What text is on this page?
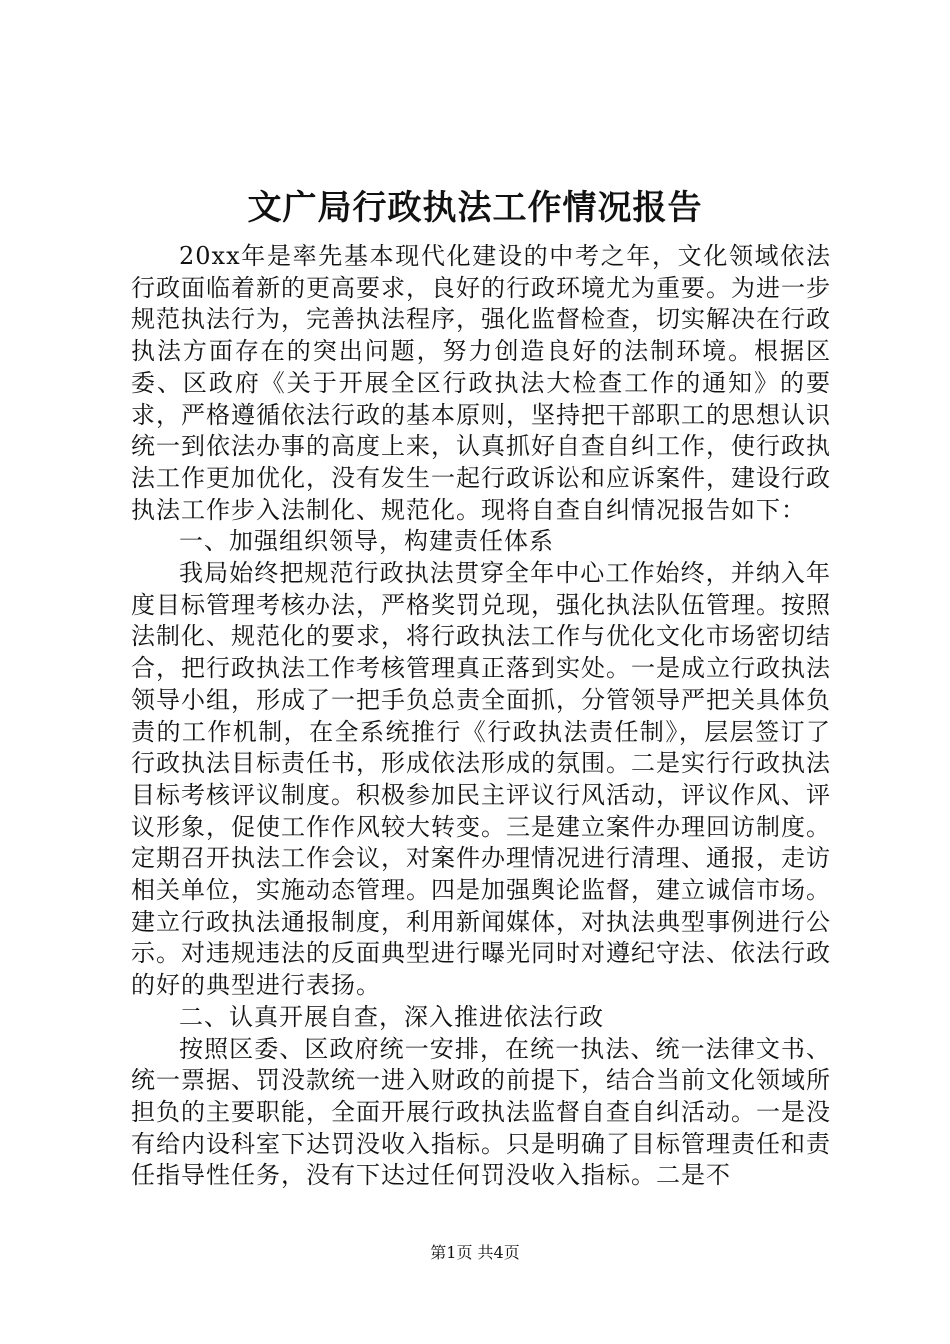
文广局行政执法工作情况报告

20xx年是率先基本现代化建设的中考之年，文化领域依法行政面临着新的更高要求，良好的行政环境尤为重要。为进一步规范执法行为，完善执法程序，强化监督检查，切实解决在行政执法方面存在的突出问题，努力创造良好的法制环境。根据区委、区政府《关于开展全区行政执法大检查工作的通知》的要求，严格遵循依法行政的基本原则，坚持把干部职工的思想认识统一到依法办事的高度上来，认真抓好自查自纠工作，使行政执法工作更加优化，没有发生一起行政诉讼和应诉案件，建设行政执法工作步入法制化、规范化。现将自查自纠情况报告如下：

一、加强组织领导，构建责任体系

我局始终把规范行政执法贯穿全年中心工作始终，并纳入年度目标管理考核办法，严格奖罚兑现，强化执法队伍管理。按照法制化、规范化的要求，将行政执法工作与优化文化市场密切结合，把行政执法工作考核管理真正落到实处。一是成立行政执法领导小组，形成了一把手负总责全面抓，分管领导严把关具体负责的工作机制，在全系统推行《行政执法责任制》，层层签订了行政执法目标责任书，形成依法形成的氛围。二是实行行政执法目标考核评议制度。积极参加民主评议行风活动，评议作风、评议形象，促使工作作风较大转变。三是建立案件办理回访制度。定期召开执法工作会议，对案件办理情况进行清理、通报，走访相关单位，实施动态管理。四是加强舆论监督，建立诚信市场。建立行政执法通报制度，利用新闻媒体，对执法典型事例进行公示。对违规违法的反面典型进行曝光同时对遵纪守法、依法行政的好的典型进行表扬。

二、认真开展自查，深入推进依法行政

按照区委、区政府统一安排，在统一执法、统一法律文书、统一票据、罚没款统一进入财政的前提下，结合当前文化领域所担负的主要职能，全面开展行政执法监督自查自纠活动。一是没有给内设科室下达罚没收入指标。只是明确了目标管理责任和责任指导性任务，没有下达过任何罚没收入指标。二是不

第1页 共4页
